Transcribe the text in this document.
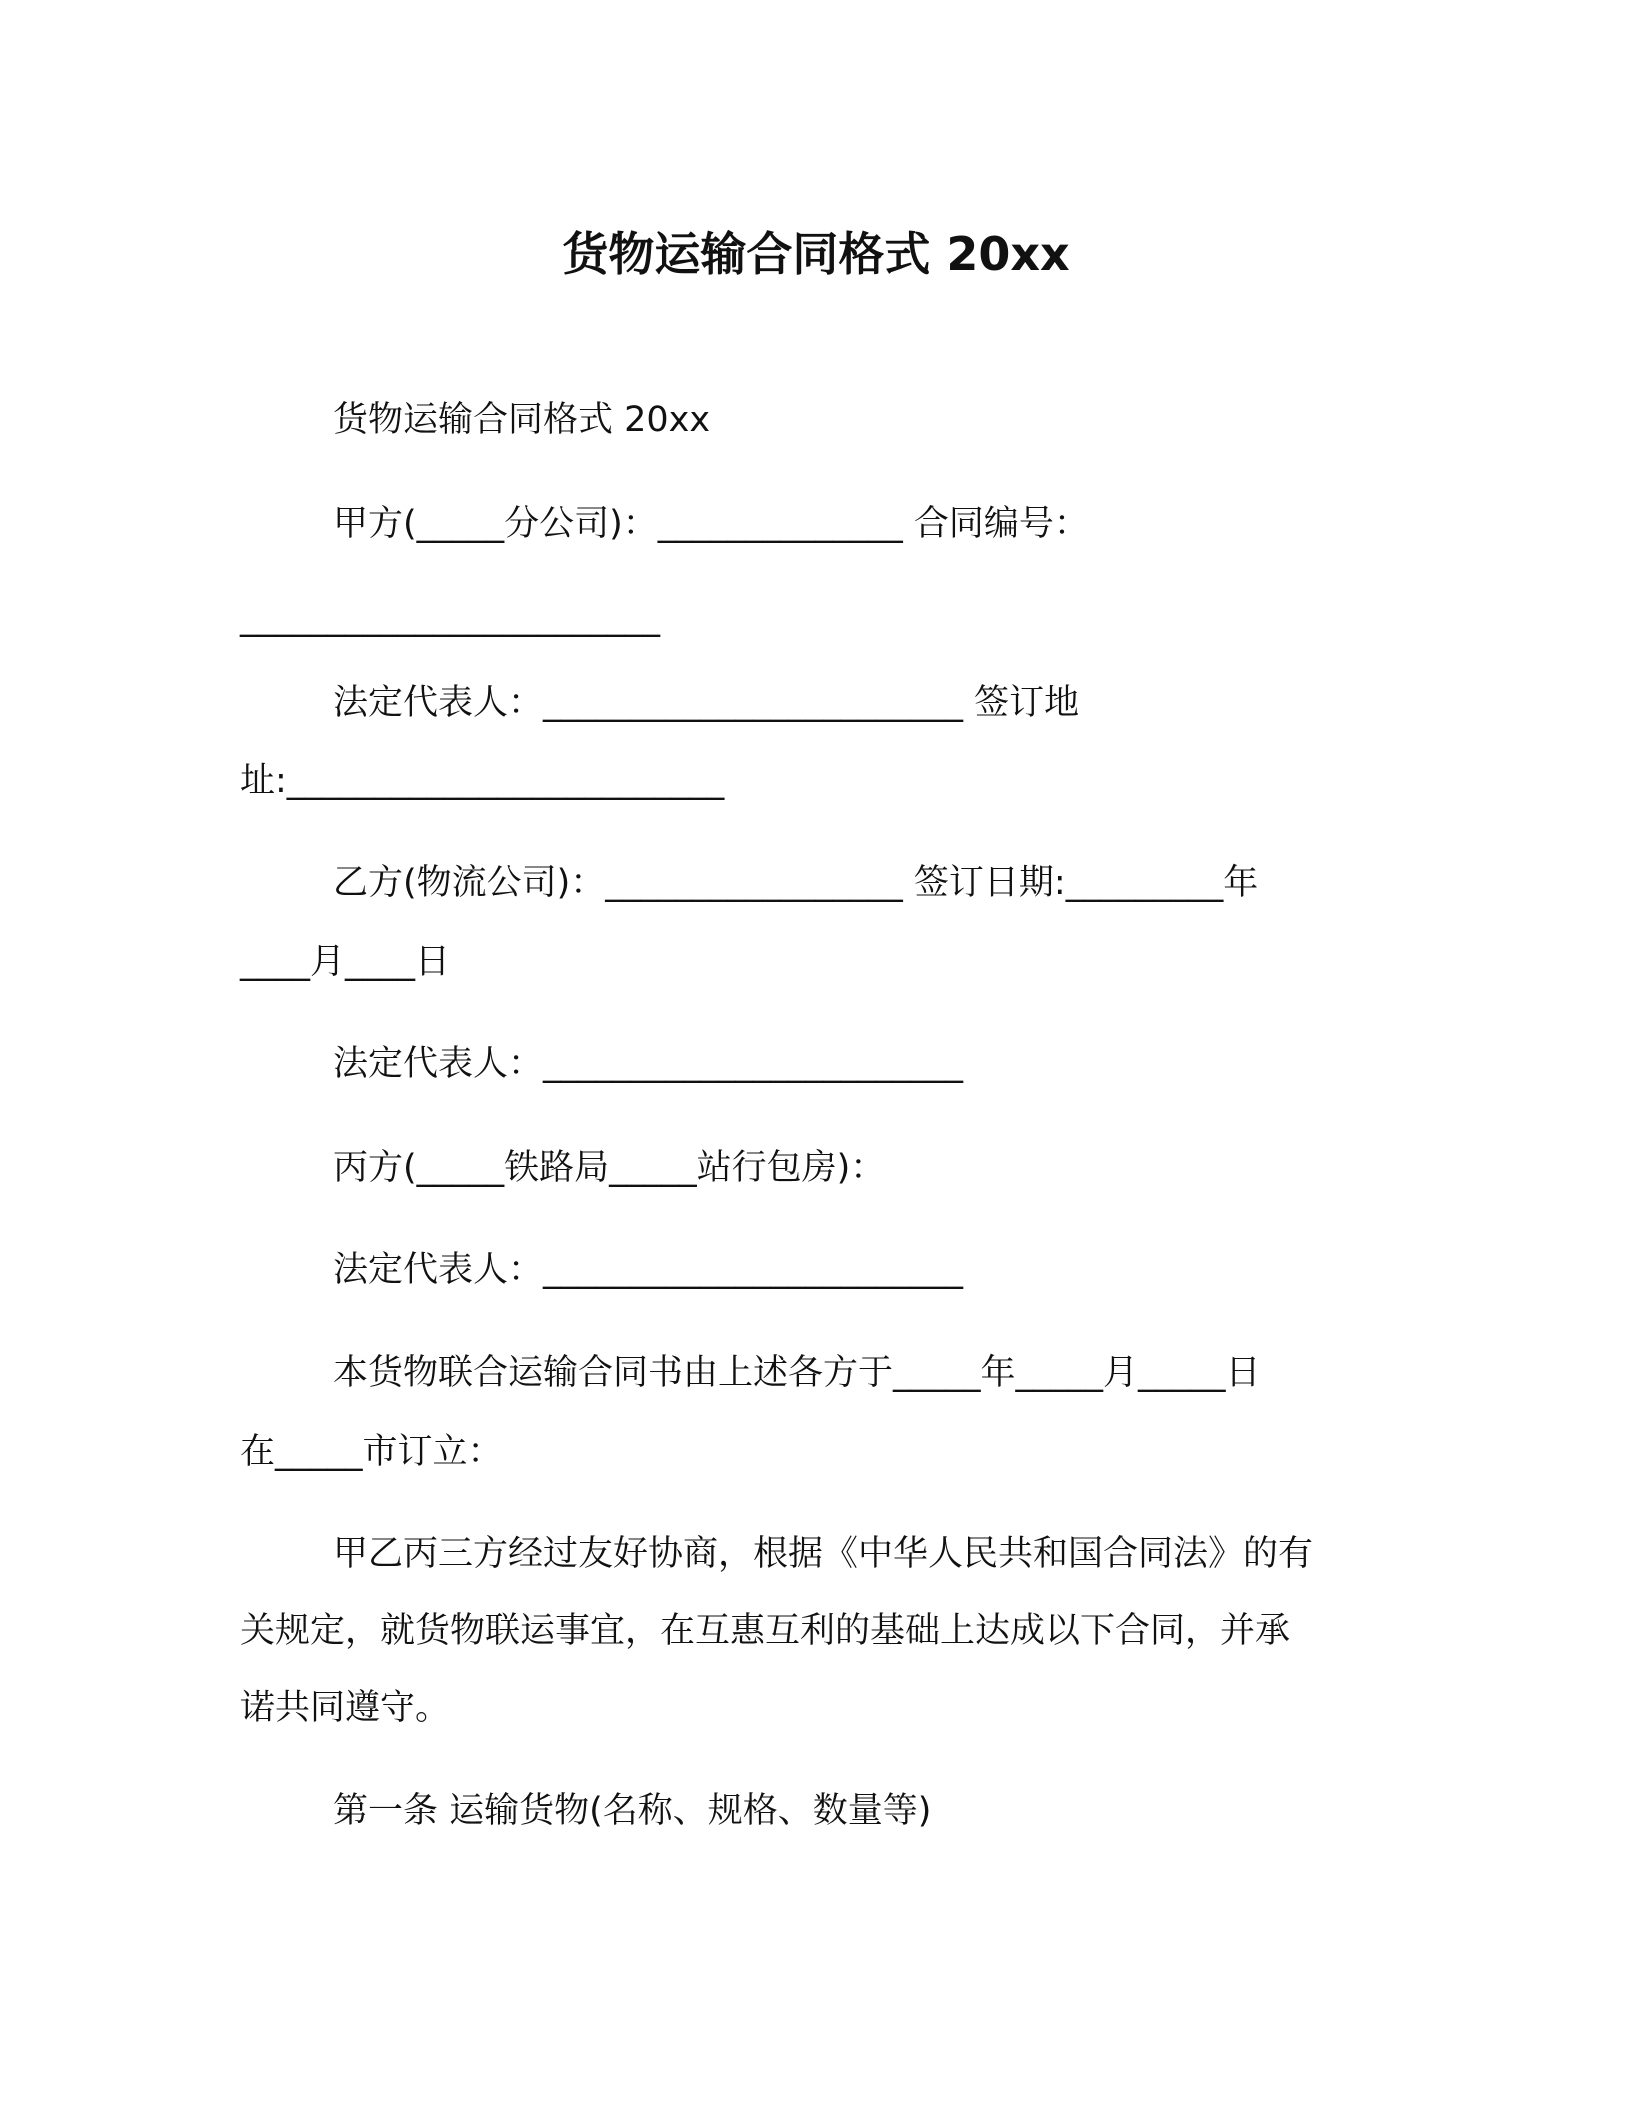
货物运输合同格式 20xx
货物运输合同格式 20xx
甲方(_____分公司)：______________ 合同编号：
________________________
法定代表人：________________________ 签订地
址:_________________________
乙方(物流公司)：_________________ 签订日期:_________年
____月____日
法定代表人：________________________
丙方(_____铁路局_____站行包房)：
法定代表人：________________________
本货物联合运输合同书由上述各方于_____年_____月_____日
在_____市订立：
甲乙丙三方经过友好协商，根据《中华人民共和国合同法》的有
关规定，就货物联运事宜，在互惠互利的基础上达成以下合同，并承
诺共同遵守。
第一条 运输货物(名称、规格、数量等)
